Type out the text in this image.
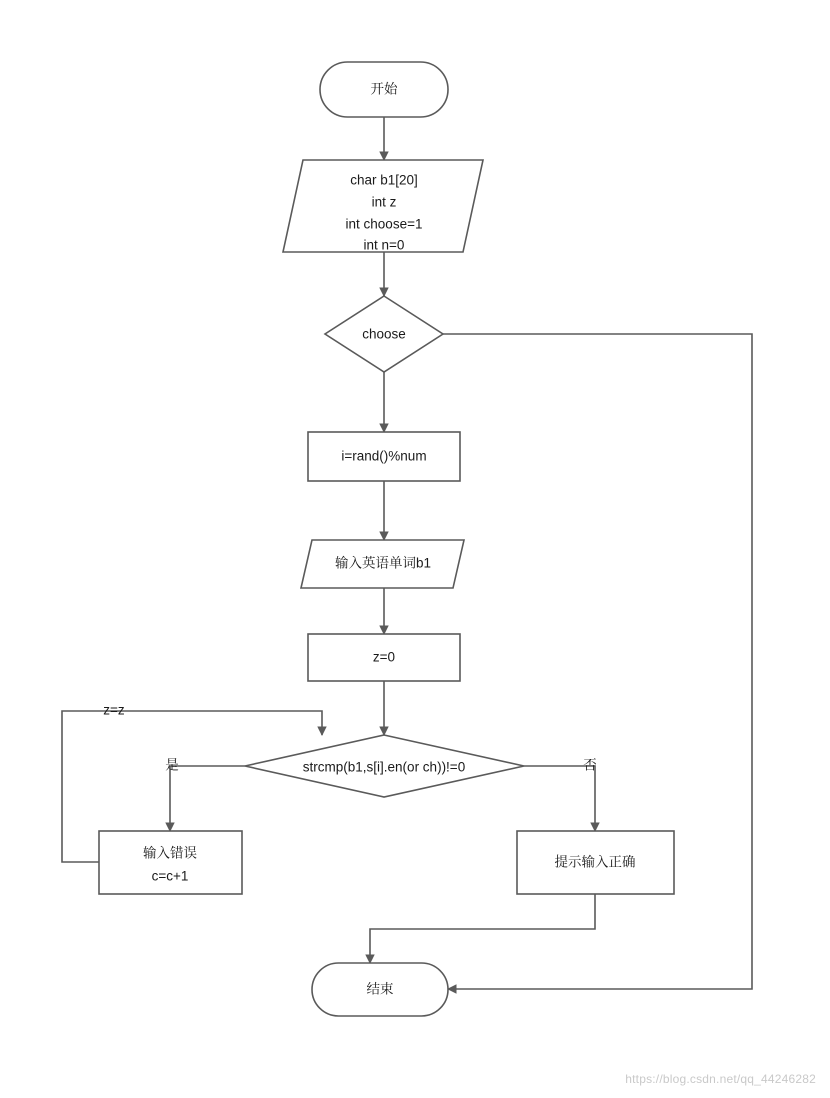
是	否
z=z
开始
char b1[20]
int z
int choose=1
int n=0
choose
i=rand()%num
输入英语单词b1
z=0
strcmp(b1,s[i].en(or ch))!=0
输入错误
c=c+1
提示输入正确
结束
https://blog.csdn.net/qq_44246282
